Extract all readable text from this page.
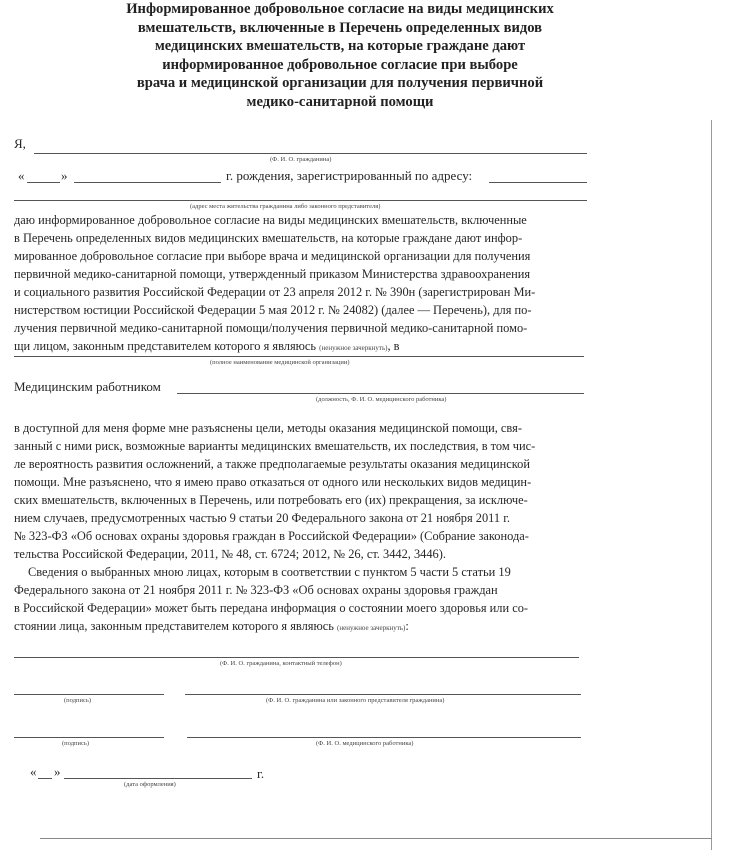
Информированное добровольное согласие на виды медицинских
вмешательств, включенные в Перечень определенных видов
медицинских вмешательств, на которые граждане дают
информированное добровольное согласие при выборе
врача и медицинской организации для получения первичной
медико-санитарной помощи
Я,
(Ф. И. О. гражданина)
«	»	г. рождения, зарегистрированный по адресу:
(адрес места жительства гражданина либо законного представителя)
даю информированное добровольное согласие на виды медицинских вмешательств, включенные
в Перечень определенных видов медицинских вмешательств, на которые граждане дают инфор-
мированное добровольное согласие при выборе врача и медицинской организации для получения
первичной медико-санитарной помощи, утвержденный приказом Министерства здравоохранения
и социального развития Российской Федерации от 23 апреля 2012 г. № 390н (зарегистрирован Ми-
нистерством юстиции Российской Федерации 5 мая 2012 г. № 24082) (далее — Перечень), для по-
лучения первичной медико-санитарной помощи/получения первичной медико-санитарной помо-
щи лицом, законным представителем которого я являюсь (ненужное зачеркнуть), в
(полное наименование медицинской организации)
Медицинским работником
(должность, Ф. И. О. медицинского работника)
в доступной для меня форме мне разъяснены цели, методы оказания медицинской помощи, свя-
занный с ними риск, возможные варианты медицинских вмешательств, их последствия, в том чис-
ле вероятность развития осложнений, а также предполагаемые результаты оказания медицинской
помощи. Мне разъяснено, что я имею право отказаться от одного или нескольких видов медицин-
ских вмешательств, включенных в Перечень, или потребовать его (их) прекращения, за исключе-
нием случаев, предусмотренных частью 9 статьи 20 Федерального закона от 21 ноября 2011 г.
№ 323-ФЗ «Об основах охраны здоровья граждан в Российской Федерации» (Собрание законода-
тельства Российской Федерации, 2011, № 48, ст. 6724; 2012, № 26, ст. 3442, 3446).
Сведения о выбранных мною лицах, которым в соответствии с пунктом 5 части 5 статьи 19
Федерального закона от 21 ноября 2011 г. № 323-ФЗ «Об основах охраны здоровья граждан
в Российской Федерации» может быть передана информация о состоянии моего здоровья или со-
стоянии лица, законным представителем которого я являюсь (ненужное зачеркнуть):
(Ф. И. О. гражданина, контактный телефон)
(подпись)	(Ф. И. О. гражданина или законного представителя гражданина)
(подпись)	(Ф. И. О. медицинского работника)
« »	г.
(дата оформления)
